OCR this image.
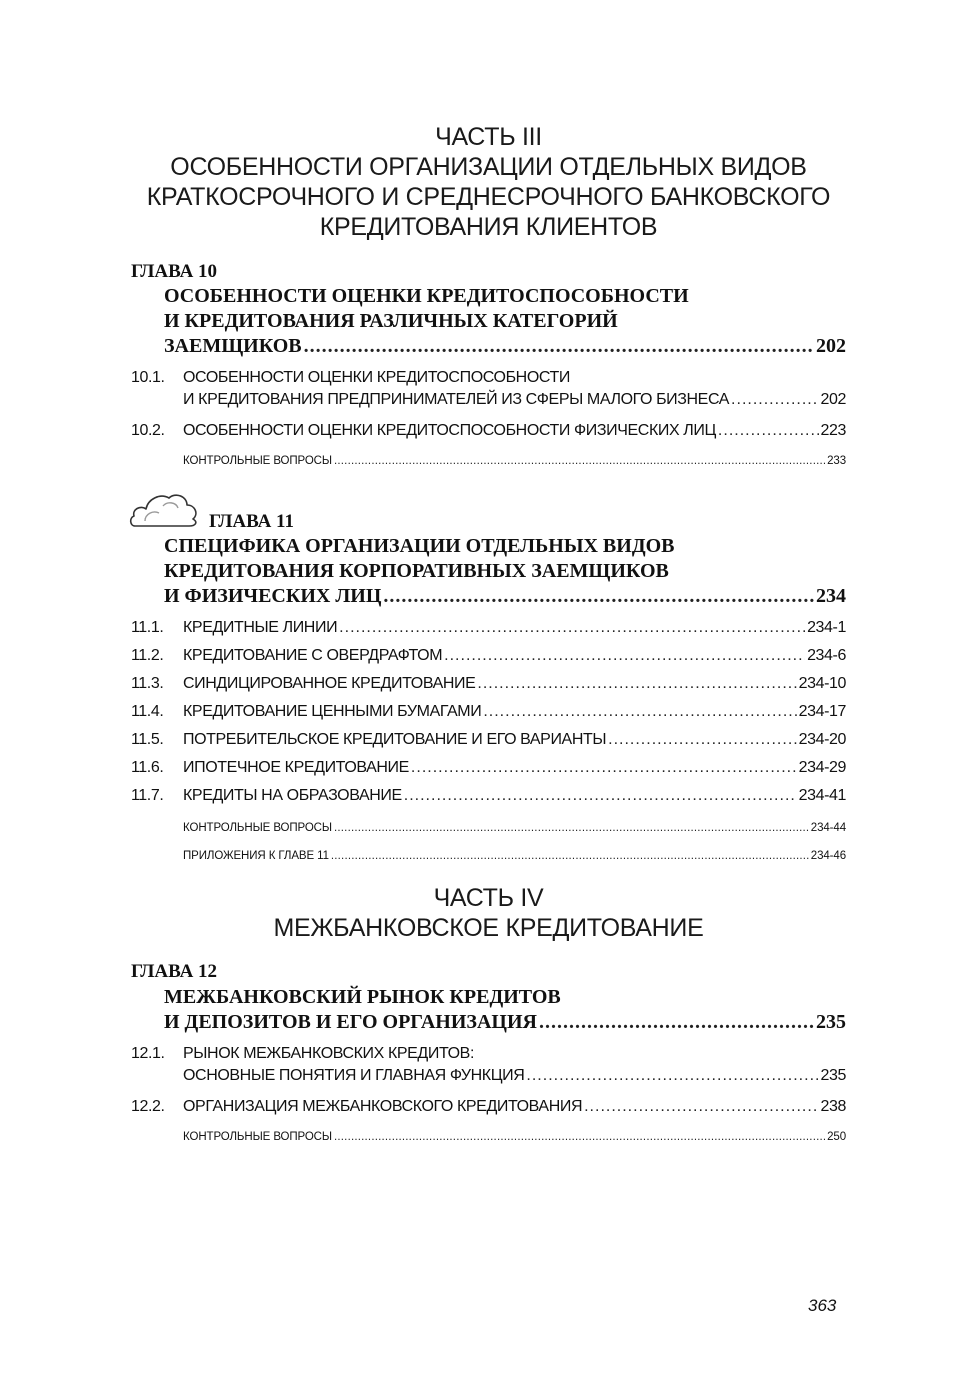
ЧАСТЬ III
ОСОБЕННОСТИ ОРГАНИЗАЦИИ ОТДЕЛЬНЫХ ВИДОВ
КРАТКОСРОЧНОГО И СРЕДНЕСРОЧНОГО БАНКОВСКОГО
КРЕДИТОВАНИЯ КЛИЕНТОВ
ГЛАВА 10
ОСОБЕННОСТИ ОЦЕНКИ КРЕДИТОСПОСОБНОСТИ
И КРЕДИТОВАНИЯ РАЗЛИЧНЫХ КАТЕГОРИЙ
ЗАЕМЩИКОВ .....	202
10.1.	ОСОБЕННОСТИ ОЦЕНКИ КРЕДИТОСПОСОБНОСТИ
И КРЕДИТОВАНИЯ ПРЕДПРИНИМАТЕЛЕЙ ИЗ СФЕРЫ МАЛОГО БИЗНЕСА .....	202
10.2.	ОСОБЕННОСТИ ОЦЕНКИ КРЕДИТОСПОСОБНОСТИ ФИЗИЧЕСКИХ ЛИЦ .....	223
КОНТРОЛЬНЫЕ ВОПРОСЫ .....	233
ГЛАВА 11
СПЕЦИФИКА ОРГАНИЗАЦИИ ОТДЕЛЬНЫХ ВИДОВ
КРЕДИТОВАНИЯ КОРПОРАТИВНЫХ ЗАЕМЩИКОВ
И ФИЗИЧЕСКИХ ЛИЦ .....	234
11.1.	КРЕДИТНЫЕ ЛИНИИ .....	234-1
11.2.	КРЕДИТОВАНИЕ С ОВЕРДРАФТОМ .....	234-6
11.3.	СИНДИЦИРОВАННОЕ КРЕДИТОВАНИЕ .....	234-10
11.4.	КРЕДИТОВАНИЕ ЦЕННЫМИ БУМАГАМИ .....	234-17
11.5.	ПОТРЕБИТЕЛЬСКОЕ КРЕДИТОВАНИЕ И ЕГО ВАРИАНТЫ .....	234-20
11.6.	ИПОТЕЧНОЕ КРЕДИТОВАНИЕ .....	234-29
11.7.	КРЕДИТЫ НА ОБРАЗОВАНИЕ .....	234-41
КОНТРОЛЬНЫЕ ВОПРОСЫ .....	234-44
ПРИЛОЖЕНИЯ К ГЛАВЕ 11 .....	234-46
ЧАСТЬ IV
МЕЖБАНКОВСКОЕ КРЕДИТОВАНИЕ
ГЛАВА 12
МЕЖБАНКОВСКИЙ РЫНОК КРЕДИТОВ
И ДЕПОЗИТОВ И ЕГО ОРГАНИЗАЦИЯ .....	235
12.1.	РЫНОК МЕЖБАНКОВСКИХ КРЕДИТОВ:
ОСНОВНЫЕ ПОНЯТИЯ И ГЛАВНАЯ ФУНКЦИЯ .....	235
12.2.	ОРГАНИЗАЦИЯ МЕЖБАНКОВСКОГО КРЕДИТОВАНИЯ .....	238
КОНТРОЛЬНЫЕ ВОПРОСЫ .....	250
363
